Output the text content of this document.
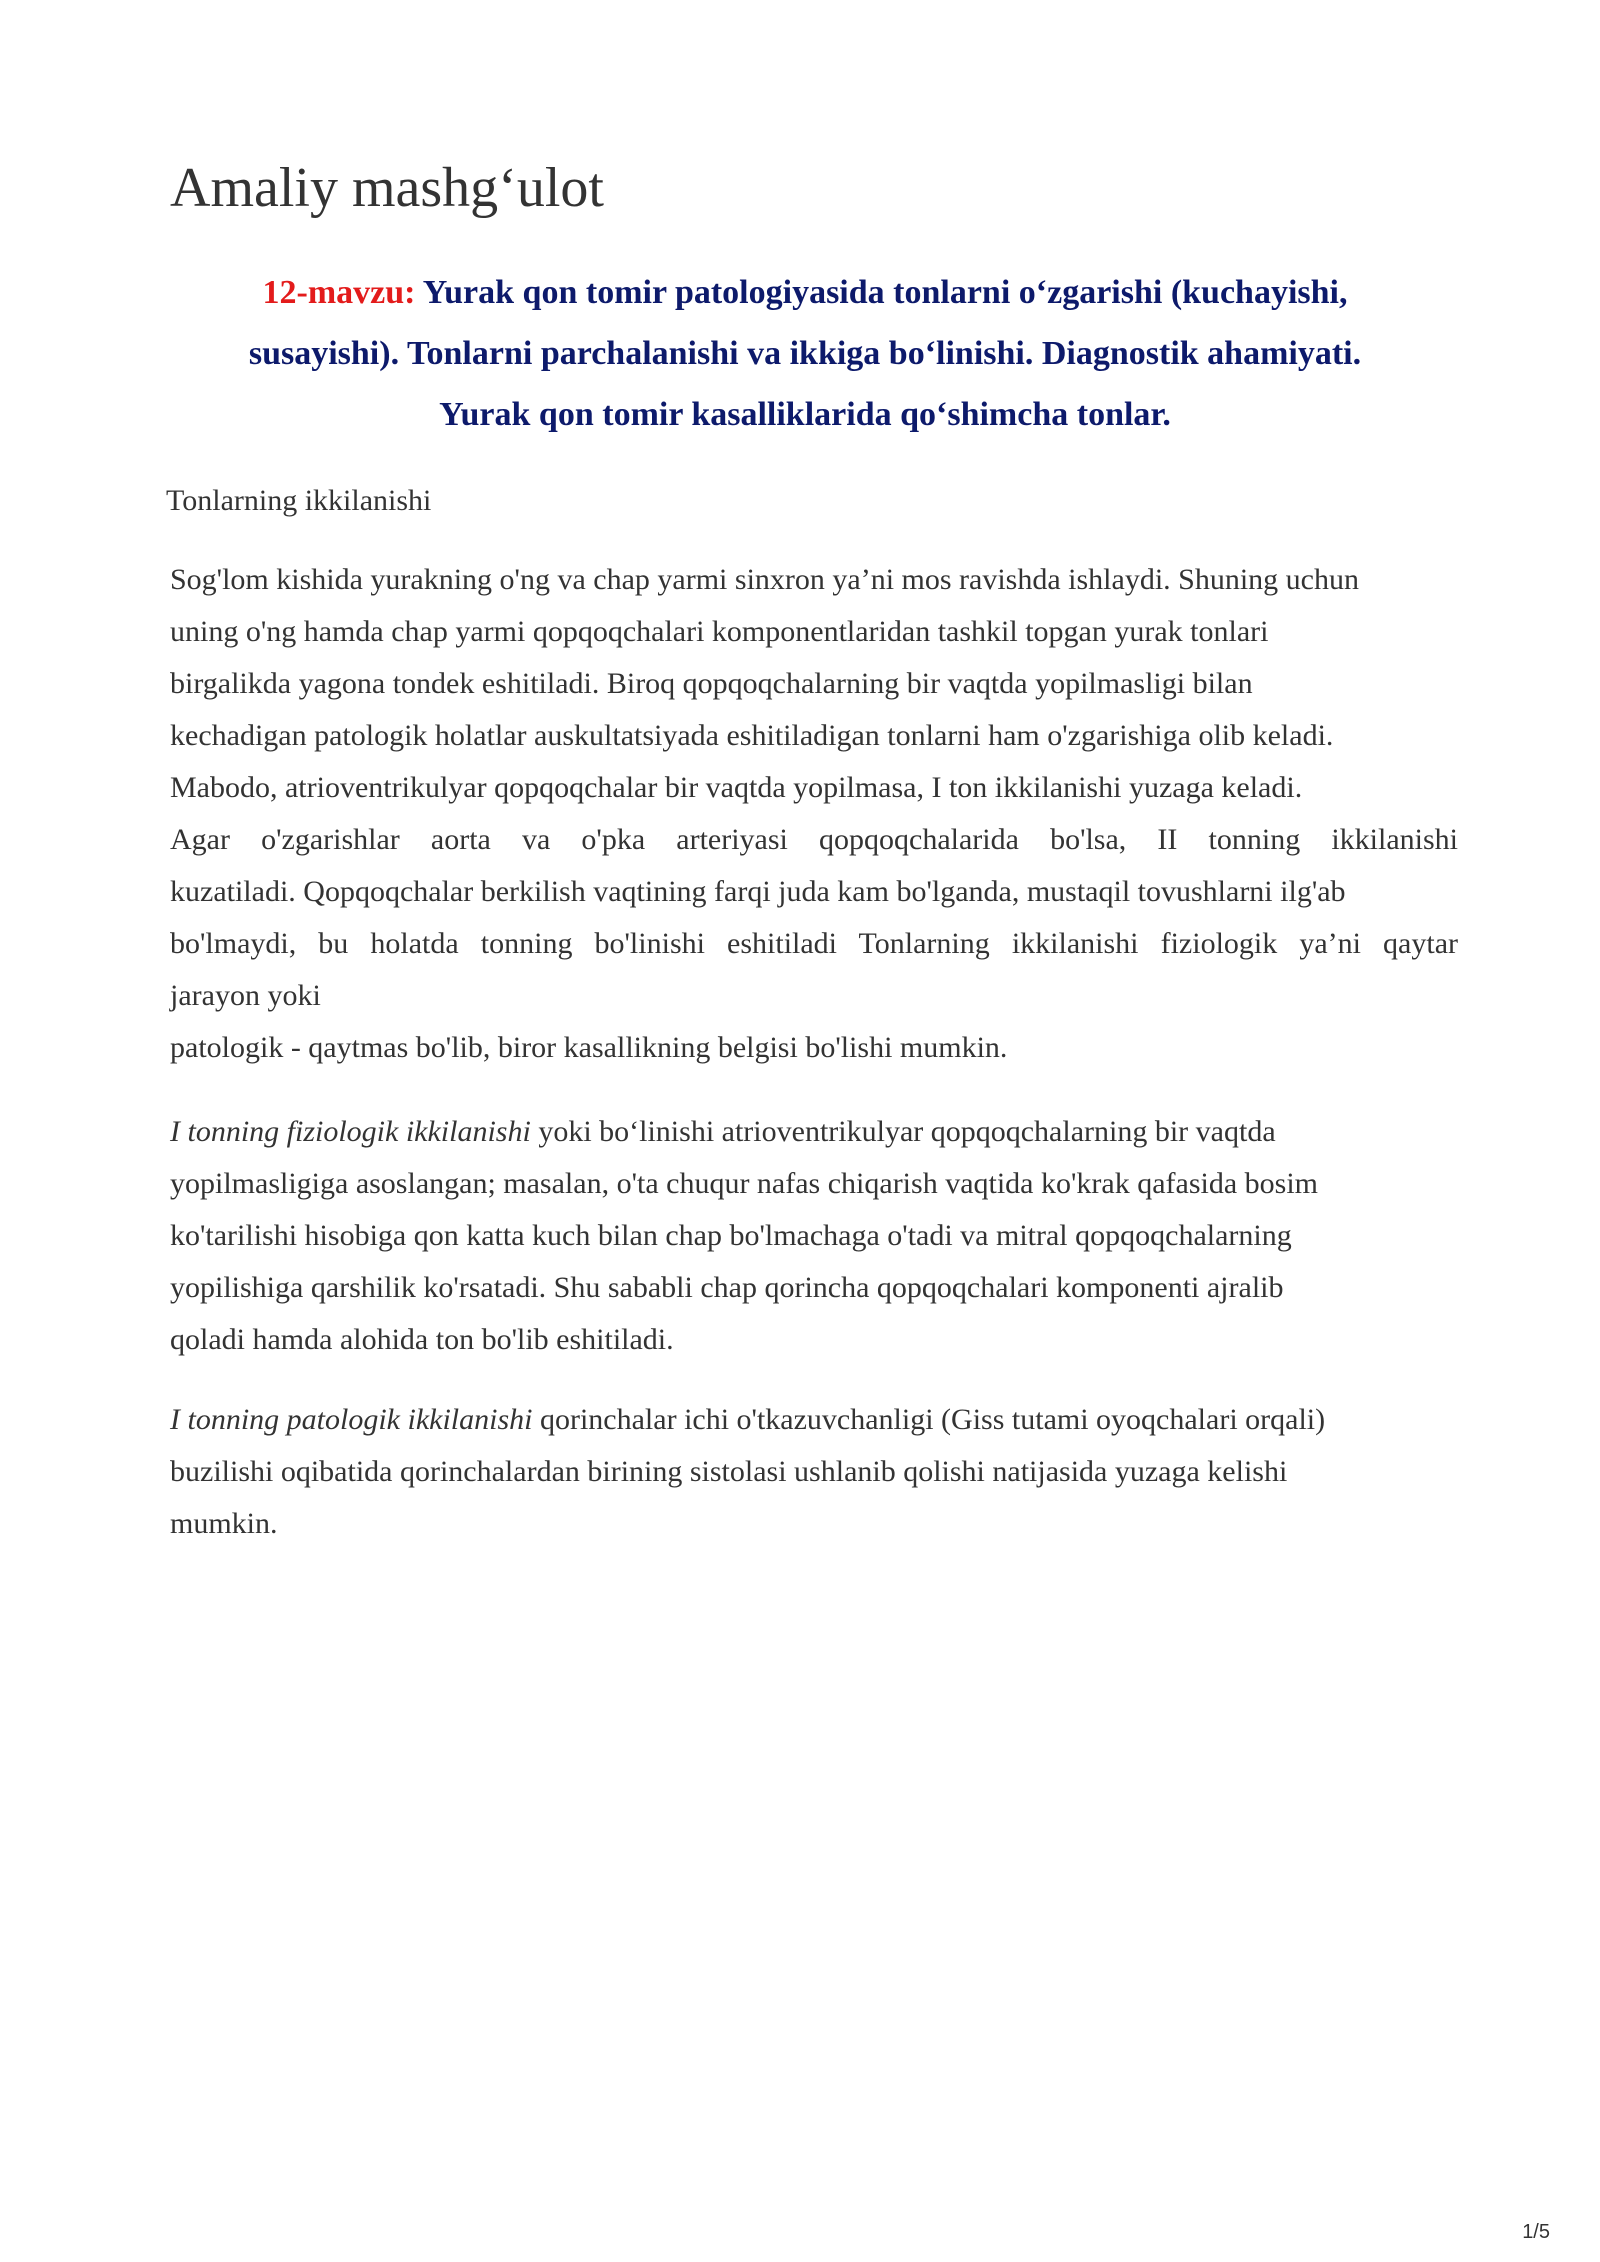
Amaliy mashg‘ulot
12-mavzu: Yurak qon tomir patologiyasida tonlarni o‘zgarishi (kuchayishi,
susayishi). Tonlarni parchalanishi va ikkiga bo‘linishi. Diagnostik ahamiyati.
Yurak qon tomir kasalliklarida qo‘shimcha tonlar.

Tonlarning ikkilanishi

Sog'lom kishida yurakning o'ng va chap yarmi sinxron ya’ni mos ravishda ishlaydi. Shuning uchun
uning o'ng hamda chap yarmi qopqoqchalari komponentlaridan tashkil topgan yurak tonlari
birgalikda yagona tondek eshitiladi. Biroq qopqoqchalarning bir vaqtda yopilmasligi bilan
kechadigan patologik holatlar auskultatsiyada eshitiladigan tonlarni ham o'zgarishiga olib keladi.
Mabodo, atrioventrikulyar qopqoqchalar bir vaqtda yopilmasa, I ton ikkilanishi yuzaga keladi.
Agar o'zgarishlar aorta va o'pka arteriyasi qopqoqchalarida bo'lsa, II tonning ikkilanishi
kuzatiladi. Qopqoqchalar berkilish vaqtining farqi juda kam bo'lganda, mustaqil tovushlarni ilg'ab
bo'lmaydi, bu holatda tonning bo'linishi eshitiladi Tonlarning ikkilanishi fiziologik ya’ni qaytar
jarayon yoki
patologik - qaytmas bo'lib, biror kasallikning belgisi bo'lishi mumkin.
I tonning fiziologik ikkilanishi yoki bo‘linishi atrioventrikulyar qopqoqchalarning bir vaqtda
yopilmasligiga asoslangan; masalan, o'ta chuqur nafas chiqarish vaqtida ko'krak qafasida bosim
ko'tarilishi hisobiga qon katta kuch bilan chap bo'lmachaga o'tadi va mitral qopqoqchalarning
yopilishiga qarshilik ko'rsatadi. Shu sababli chap qorincha qopqoqchalari komponenti ajralib
qoladi hamda alohida ton bo'lib eshitiladi.
I tonning patologik ikkilanishi qorinchalar ichi o'tkazuvchanligi (Giss tutami oyoqchalari orqali)
buzilishi oqibatida qorinchalardan birining sistolasi ushlanib qolishi natijasida yuzaga kelishi
mumkin.
1/5
